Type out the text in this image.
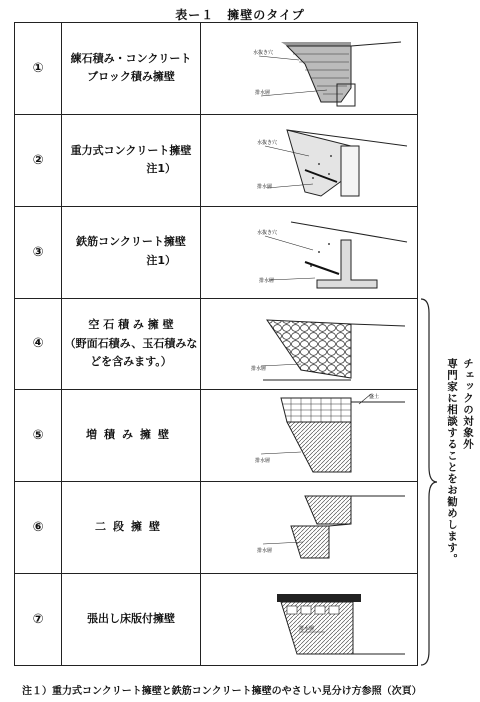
表ー１　擁壁のタイプ
①	練石積み・コンクリート
ブロック積み擁壁	水抜き穴
排水層

②	重力式コンクリート擁壁
注1）	水抜き穴
排水層

③	鉄筋コンクリート擁壁
注1）	水抜き穴
排水層

④	空 石 積 み 擁 壁
（野面石積み、玉石積みな
どを含みます。）	排水層

⑤	増積み擁壁	盛土
排水層

⑥	二段擁壁	排水層

⑦	張出し床版付擁壁	排水層
チェックの対象外
専門家に相談することをお勧めします。
注１）重力式コンクリート擁壁と鉄筋コンクリート擁壁のやさしい見分け方参照（次頁）
